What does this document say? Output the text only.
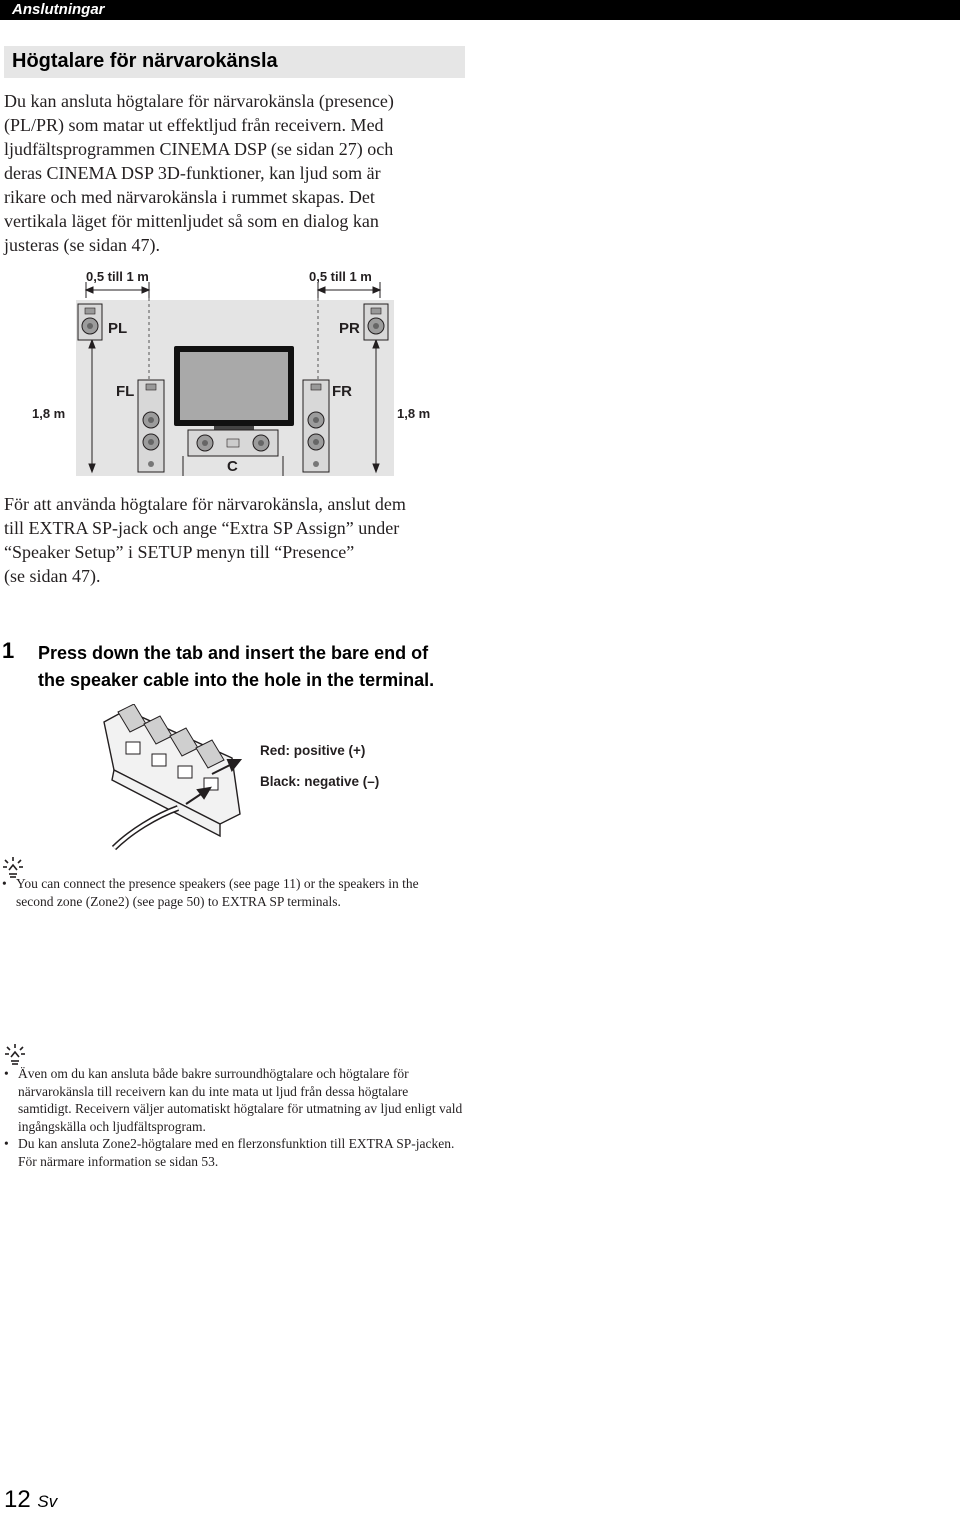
Anslutningar
Högtalare för närvarokänsla
Du kan ansluta högtalare för närvarokänsla (presence)
(PL/PR) som matar ut effektljud från receivern. Med
ljudfältsprogrammen CINEMA DSP (se sidan 27) och
deras CINEMA DSP 3D-funktioner, kan ljud som är
rikare och med närvarokänsla i rummet skapas. Det
vertikala läget för mittenljudet så som en dialog kan
justeras (se sidan 47).
0,5 till 1 m	0,5 till 1 m
1,8 m	1,8 m
PL	PR
FL	FR
C
För att använda högtalare för närvarokänsla, anslut dem
till EXTRA SP-jack och ange “Extra SP Assign” under
“Speaker Setup” i SETUP menyn till “Presence”
(se sidan 47).
1 Press down the tab and insert the bare end of
the speaker cable into the hole in the terminal.
Red: positive (+)
Black: negative (–)
• You can connect the presence speakers (see page 11) or the speakers in the second zone (Zone2) (see page 50) to EXTRA SP terminals.
• Även om du kan ansluta både bakre surroundhögtalare och högtalare för närvarokänsla till receivern kan du inte mata ut ljud från dessa högtalare samtidigt. Receivern väljer automatiskt högtalare för utmatning av ljud enligt vald ingångskälla och ljudfältsprogram.
• Du kan ansluta Zone2-högtalare med en flerzonsfunktion till EXTRA SP-jacken. För närmare information se sidan 53.
12 Sv
